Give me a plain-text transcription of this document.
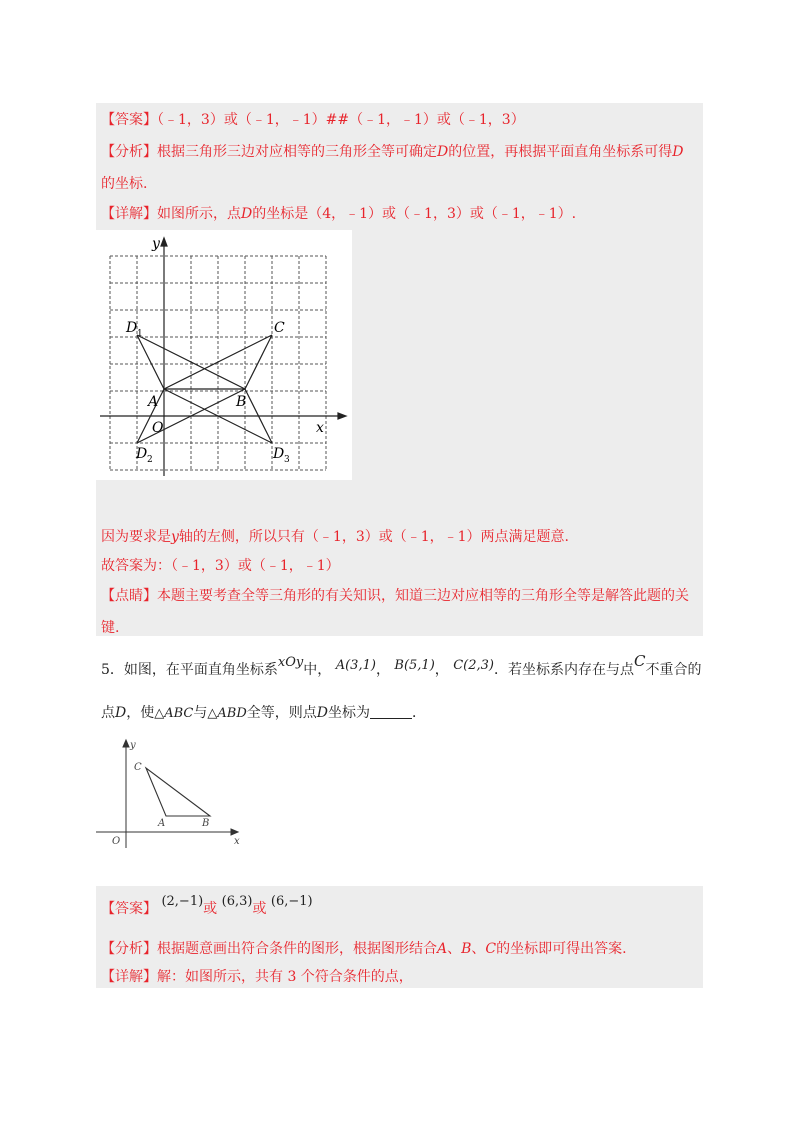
【答案】（﹣1，3）或（﹣1，﹣1）##（﹣1，﹣1）或（﹣1，3）
【分析】根据三角形三边对应相等的三角形全等可确定D的位置，再根据平面直角坐标系可得D
的坐标.
【详解】如图所示，点D的坐标是（4，﹣1）或（﹣1，3）或（﹣1，﹣1）.
y
x
O
A	B
C
D 1
D 2	D 3
因为要求是y轴的左侧，所以只有（﹣1，3）或（﹣1，﹣1）两点满足题意.
故答案为：（﹣1，3）或（﹣1，﹣1）
【点睛】本题主要考查全等三角形的有关知识，知道三边对应相等的三角形全等是解答此题的关
键.
5．如图，在平面直角坐标系xOy中， A(3,1)， B(5,1)， C(2,3)．若坐标系内存在与点C不重合的
点D，使△ABC与△ABD全等，则点D坐标为	．
y
x
O
A	B
C
【答案】 (2,−1)或 (6,3)或 (6,−1)
【分析】根据题意画出符合条件的图形，根据图形结合A、B、C的坐标即可得出答案.
【详解】解：如图所示，共有 3 个符合条件的点，
